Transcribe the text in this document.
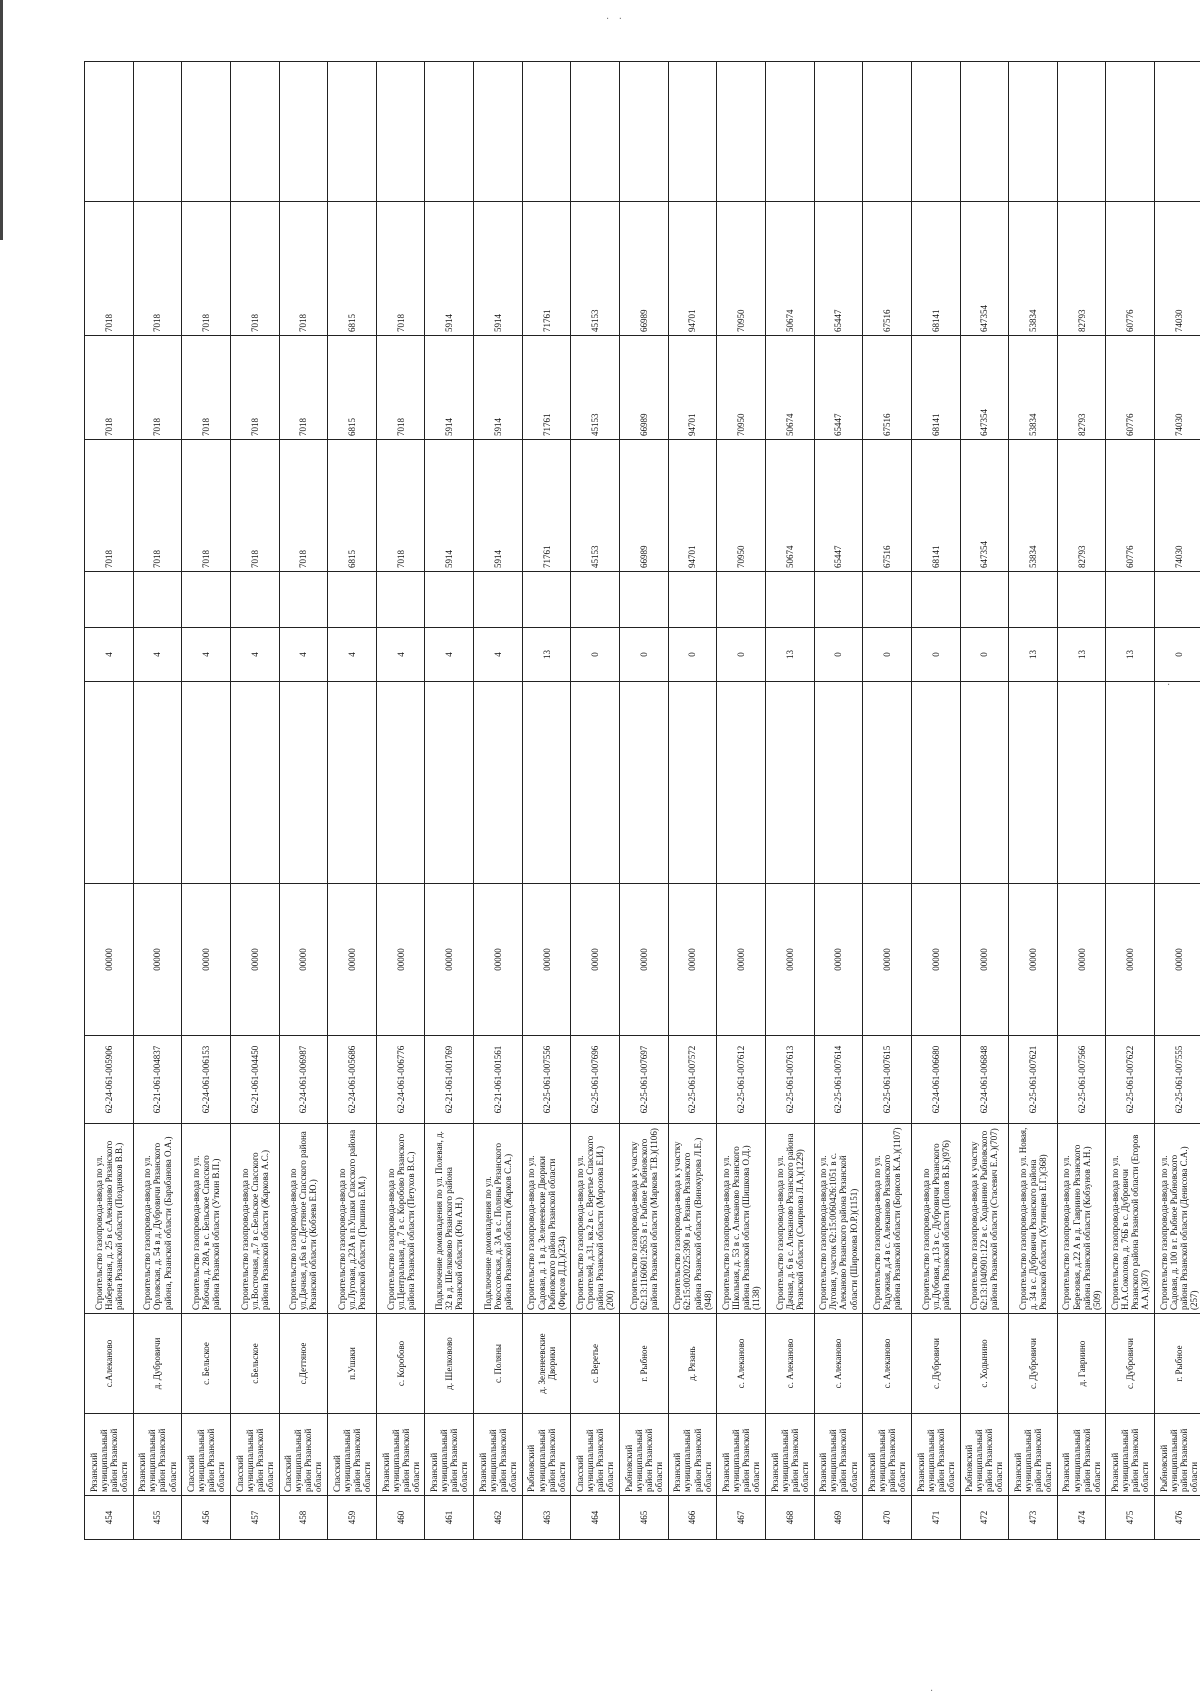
·   ·
·
·
454	Рязанский муниципальный район Рязанской области	с.Алеканово	Строительство газопровода-ввода по ул. Набережная, д. 25 в с.Алеканово Рязанского района Рязанской области (Поздняков В.В.)	62-24-061-005906	00000		4		7018	7018	7018	
455	Рязанский муниципальный район Рязанской области	д. Дубровичи	Строительство газопровода-ввода по ул. Орловская, д. 54 в д. Дубровичи Рязанского района, Рязанской области (Барабанова О.А.)	62-21-061-004837	00000		4		7018	7018	7018	
456	Спасский муниципальный район Рязанской области	с. Бельское	Строительство газопровода-ввода по ул. Рабочая, д. 28А, в с. Бельское Спасского района Рязанской области (Уткин В.П.)	62-24-061-006153	00000		4		7018	7018	7018	
457	Спасский муниципальный район Рязанской области	с.Бельское	Строительство газопровода-ввода по ул.Восточная, д.7 в с.Бельское Спасского района Рязанской области (Жаркова А.С.)	62-21-061-004450	00000		4		7018	7018	7018	
458	Спасский муниципальный район Рязанской области	с.Деттяное	Строительство газопровода-ввода по ул.Дачная, д.6а в с.Деттяное Спасского района Рязанской области (Кобзева Е.Ю.)	62-24-061-006987	00000		4		7018	7018	7018	
459	Спасский муниципальный район Рязанской области	п.Ушаки	Строительство газопровода-ввода по ул.Луговая, д.23А в п.Ушаки Спасского района Рязанской области (Гришина Е.М.)	62-24-061-005686	00000		4		6815	6815	6815	
460	Рязанский муниципальный район Рязанской области	с. Коробово	Строительство газопровода-ввода по ул.Центральная, д. 7 в с. Коробово Рязанского района Рязанской области (Петухов В.С.)	62-24-061-006776	00000		4		7018	7018	7018	
461	Рязанский муниципальный район Рязанской области	д. Шелковово	Подключение домовладения по ул. Полевая, д. 32 в д. Шелковово Рязанского района Рязанской области (Юн А.Н.)	62-21-061-001769	00000		4		5914	5914	5914	
462	Рязанский муниципальный район Рязанской области	с. Поляны	Подключение домовладения по ул. Рокоссовская, д. 3А в с. Поляны Рязанского района Рязанской области (Жарков С.А.)	62-21-061-001561	00000		4		5914	5914	5914	
463	Рыбновский муниципальный район Рязанской области	д. Зеленеевские Дворики	Строительство газопровода-ввода по ул. Садовая, д. 1 в д. Зеленеевские Дворики Рыбновского района Рязанской области (Фирсов Д.Д.)(234)	62-25-061-007556	00000		13		71761	71761	71761	
464	Спасский муниципальный район Рязанской области	с. Веретье	Строительство газопровода-ввода по ул. Строителей, д.31, кв.2 в с. Веретье Спасского района Рязанской области (Морозова Е.И.)(200)	62-25-061-007696	00000		0		45153	45153	45153	
465	Рыбновский муниципальный район Рязанской области	г. Рыбное	Строительство газопровода-ввода к участку 62:13:1160601:2653 в г. Рыбное Рыбновского района Рязанской области (Маркова Т.В.)(1106)	62-25-061-007697	00000		0		66989	66989	66989	
466	Рязанский муниципальный район Рязанской области	д. Рязань	Строительство газопровода-ввода к участку 62:15:0020225:390 в д. Рязань Рязанского района Рязанской области (Винокурова Л.Е.)(948)	62-25-061-007572	00000		0		94701	94701	94701	
467	Рязанский муниципальный район Рязанской области	с. Алеканово	Строительство газопровода-ввода по ул. Школьная, д. 53 в с. Алеканово Рязанского района Рязанской области (Шишкова О.Д.)(1138)	62-25-061-007612	00000		0		70950	70950	70950	
468	Рязанский муниципальный район Рязанской области	с. Алеканово	Строительство газопровода-ввода по ул. Дачная, д. 6 в с. Алеканово Рязанского района Рязанской области (Смирнова Л.А.)(1229)	62-25-061-007613	00000		13		50674	50674	50674	
469	Рязанский муниципальный район Рязанской области	с. Алеканово	Строительство газопровода-ввода по ул. Луговая, участок 62:15:0060426:1051 в с. Алеканово Рязанского района Рязанской области (Широкова Ю.Р.)(1151)	62-25-061-007614	00000		0		65447	65447	65447	
470	Рязанский муниципальный район Рязанской области	с. Алеканово	Строительство газопровода-ввода по ул. Радужная, д.4 в с. Алеканово Рязанского района Рязанской области (Борисов К.А.)(1107)	62-25-061-007615	00000		0		67516	67516	67516	
471	Рязанский муниципальный район Рязанской области	с. Дубровичи	Строительство газопровода-ввода по ул.Дубовая, д.13 в с. Дубровичи Рязанского района Рязанской области (Попов В.Б.)(976)	62-24-061-006680	00000		0		68141	68141	68141	
472	Рыбновский муниципальный район Рязанской области	с. Ходынино	Строительство газопровода-ввода к участку 62:13:1040901:122 в с. Ходынино Рыбновского района Рязанской области (Стасевич Е.А.)(707)	62-24-061-006848	00000		0		647354	647354	647354	
473	Рязанский муниципальный район Рязанской области	с. Дубровичи	Строительство газопровода-ввода по ул. Новая, д. 34 в с. Дубровичи Рязанского района Рязанской области (Хутинцева Е.Г.)(368)	62-25-061-007621	00000		13		53834	53834	53834	
474	Рязанский муниципальный район Рязанской области	д. Гавриино	Строительство газопровода-ввода по ул. Березовая, д.22 А в д. Гавриино Рязанского района Рязанской области (Кобзунов А.Н.)(509)	62-25-061-007566	00000		13		82793	82793	82793	
475	Рязанский муниципальный район Рязанской области	с. Дубровичи	Строительство газопровода-ввода по ул. Н.А.Соколова, д. 76Б в с. Дубровичи Рязанского района Рязанской области (Егоров А.А.)(307)	62-25-061-007622	00000		13		60776	60776	60776	
476	Рыбновский муниципальный район Рязанской области	г. Рыбное	Строительство газопровода-ввода по ул. Садовая, д. 100 в г. Рыбное Рыбновского района Рязанской области (Денисова С.А.)(257)	62-25-061-007555	00000		0		74030	74030	74030	
